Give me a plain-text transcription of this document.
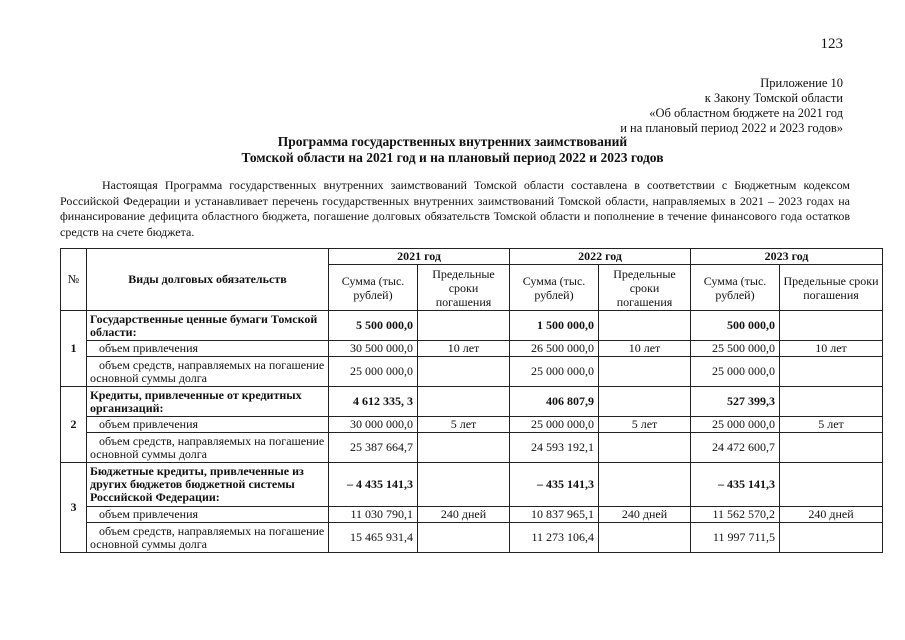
123
Приложение 10
к Закону Томской области
«Об областном бюджете на 2021 год
и на плановый период 2022 и 2023 годов»
Программа государственных внутренних заимствований
Томской области на 2021 год и на плановый период 2022 и 2023 годов

Настоящая Программа государственных внутренних заимствований Томской области составлена в соответствии с Бюджетным кодексом Российской Федерации и устанавливает перечень государственных внутренних заимствований Томской области, направляемых в 2021 – 2023 годах на финансирование дефицита областного бюджета, погашение долговых обязательств Томской области и пополнение в течение финансового года остатков средств на счете бюджета.

№	Виды долговых обязательств	2021 год		2022 год		2023 год	
		Сумма (тыс. рублей)	Предельные сроки погашения	Сумма (тыс. рублей)	Предельные сроки погашения	Сумма (тыс. рублей)	Предельные сроки погашения
1	Государственные ценные бумаги Томской области:	5 500 000,0		1 500 000,0		500 000,0	
	объем привлечения	30 500 000,0	10 лет	26 500 000,0	10 лет	25 500 000,0	10 лет
	объем средств, направляемых на погашение основной суммы долга	25 000 000,0		25 000 000,0		25 000 000,0	
2	Кредиты, привлеченные от кредитных организаций:	4 612 335, 3		406 807,9		527 399,3	
	объем привлечения	30 000 000,0	5 лет	25 000 000,0	5 лет	25 000 000,0	5 лет
	объем средств, направляемых на погашение основной суммы долга	25 387 664,7		24 593 192,1		24 472 600,7	
3	Бюджетные кредиты, привлеченные из других бюджетов бюджетной системы Российской Федерации:	– 4 435 141,3		– 435 141,3		– 435 141,3	
	объем привлечения	11 030 790,1	240 дней	10 837 965,1	240 дней	11 562 570,2	240 дней
	объем средств, направляемых на погашение основной суммы долга	15 465 931,4		11 273 106,4		11 997 711,5	
